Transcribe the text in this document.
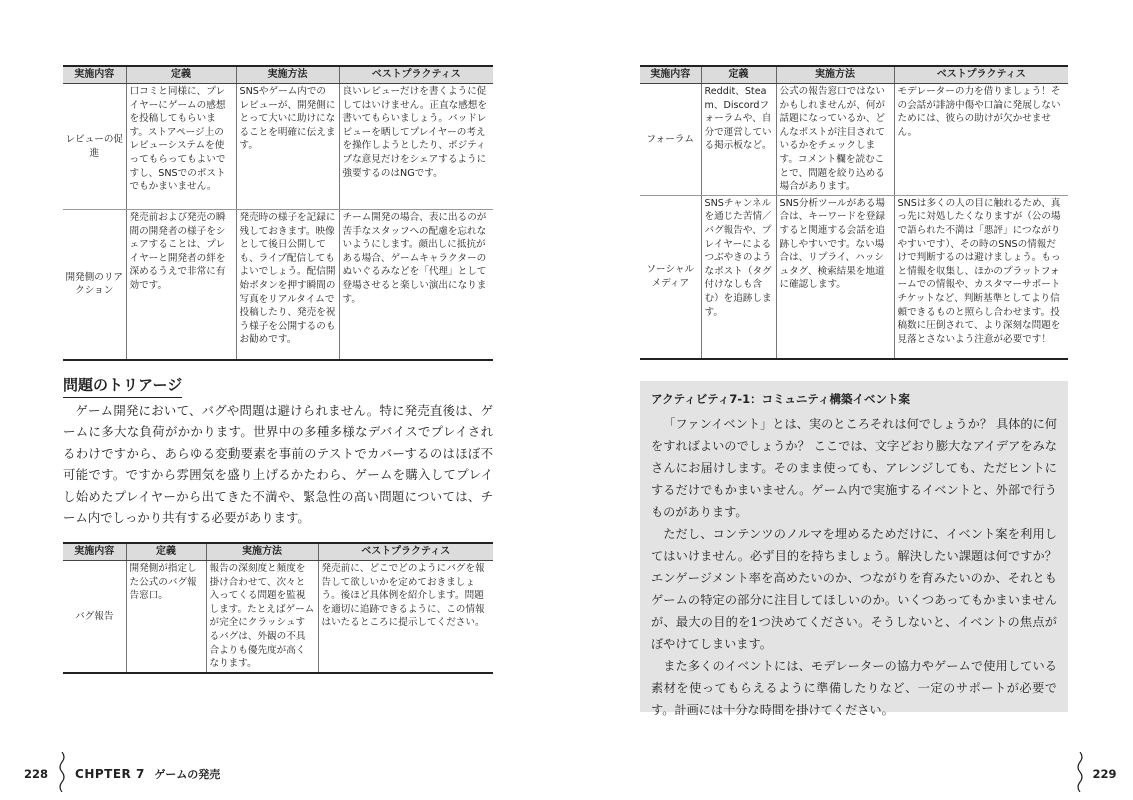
実施内容	定義	実施方法	ベストプラクティス
レビューの促進	口コミと同様に、プレイヤーにゲームの感想を投稿してもらいます。ストアページ上のレビューシステムを使ってもらってもよいですし、SNSでのポストでもかまいません。	SNSやゲーム内でのレビューが、開発側にとって大いに助けになることを明確に伝えます。	良いレビューだけを書くように促してはいけません。正直な感想を書いてもらいましょう。バッドレビューを晒してプレイヤーの考えを操作しようとしたり、ポジティブな意見だけをシェアするように強要するのはNGです。
開発側のリアクション	発売前および発売の瞬間の開発者の様子をシェアすることは、プレイヤーと開発者の絆を深めるうえで非常に有効です。	発売時の様子を記録に残しておきます。映像として後日公開しても、ライブ配信してもよいでしょう。配信開始ボタンを押す瞬間の写真をリアルタイムで投稿したり、発売を祝う様子を公開するのもお勧めです。	チーム開発の場合、表に出るのが苦手なスタッフへの配慮を忘れないようにします。顔出しに抵抗がある場合、ゲームキャラクターのぬいぐるみなどを「代理」として登場させると楽しい演出になります。
問題のトリアージ

ゲーム開発において、バグや問題は避けられません。特に発売直後は、ゲームに多大な負荷がかかります。世界中の多種多様なデバイスでプレイされるわけですから、あらゆる変動要素を事前のテストでカバーするのはほぼ不可能です。ですから雰囲気を盛り上げるかたわら、ゲームを購入してプレイし始めたプレイヤーから出てきた不満や、緊急性の高い問題については、チーム内でしっかり共有する必要があります。

実施内容	定義	実施方法	ベストプラクティス
バグ報告	開発側が指定した公式のバグ報告窓口。	報告の深刻度と頻度を掛け合わせて、次々と入ってくる問題を監視します。たとえばゲームが完全にクラッシュするバグは、外観の不具合よりも優先度が高くなります。	発売前に、どこでどのようにバグを報告して欲しいかを定めておきましょう。後ほど具体例を紹介します。問題を適切に追跡できるように、この情報はいたるところに提示してください。
228 CHPTER 7 ゲームの発売
実施内容	定義	実施方法	ベストプラクティス
フォーラム	Reddit、Steam、Discordフォーラムや、自分で運営している掲示板など。	公式の報告窓口ではないかもしれませんが、何が話題になっているか、どんなポストが注目されているかをチェックします。コメント欄を読むことで、問題を絞り込める場合があります。	モデレーターの力を借りましょう！その会話が誹謗中傷や口論に発展しないためには、彼らの助けが欠かせません。
ソーシャルメディア	SNSチャンネルを通じた苦情／バグ報告や、プレイヤーによるつぶやきのようなポスト（タグ付けなしも含む）を追跡します。	SNS分析ツールがある場合は、キーワードを登録すると関連する会話を追跡しやすいです。ない場合は、リプライ、ハッシュタグ、検索結果を地道に確認します。	SNSは多くの人の目に触れるため、真っ先に対処したくなりますが（公の場で語られた不満は「悪評」につながりやすいです）、その時のSNSの情報だけで判断するのは避けましょう。もっと情報を収集し、ほかのプラットフォームでの情報や、カスタマーサポートチケットなど、判断基準としてより信頼できるものと照らし合わせます。投稿数に圧倒されて、より深刻な問題を見落とさないよう注意が必要です！
アクティビティ7-1：コミュニティ構築イベント案

「ファンイベント」とは、実のところそれは何でしょうか？ 具体的に何をすればよいのでしょうか？ ここでは、文字どおり膨大なアイデアをみなさんにお届けします。そのまま使っても、アレンジしても、ただヒントにするだけでもかまいません。ゲーム内で実施するイベントと、外部で行うものがあります。

ただし、コンテンツのノルマを埋めるためだけに、イベント案を利用してはいけません。必ず目的を持ちましょう。解決したい課題は何ですか？エンゲージメント率を高めたいのか、つながりを育みたいのか、それともゲームの特定の部分に注目してほしいのか。いくつあってもかまいませんが、最大の目的を1つ決めてください。そうしないと、イベントの焦点がぼやけてしまいます。

また多くのイベントには、モデレーターの協力やゲームで使用している素材を使ってもらえるように準備したりなど、一定のサポートが必要です。計画には十分な時間を掛けてください。

229
